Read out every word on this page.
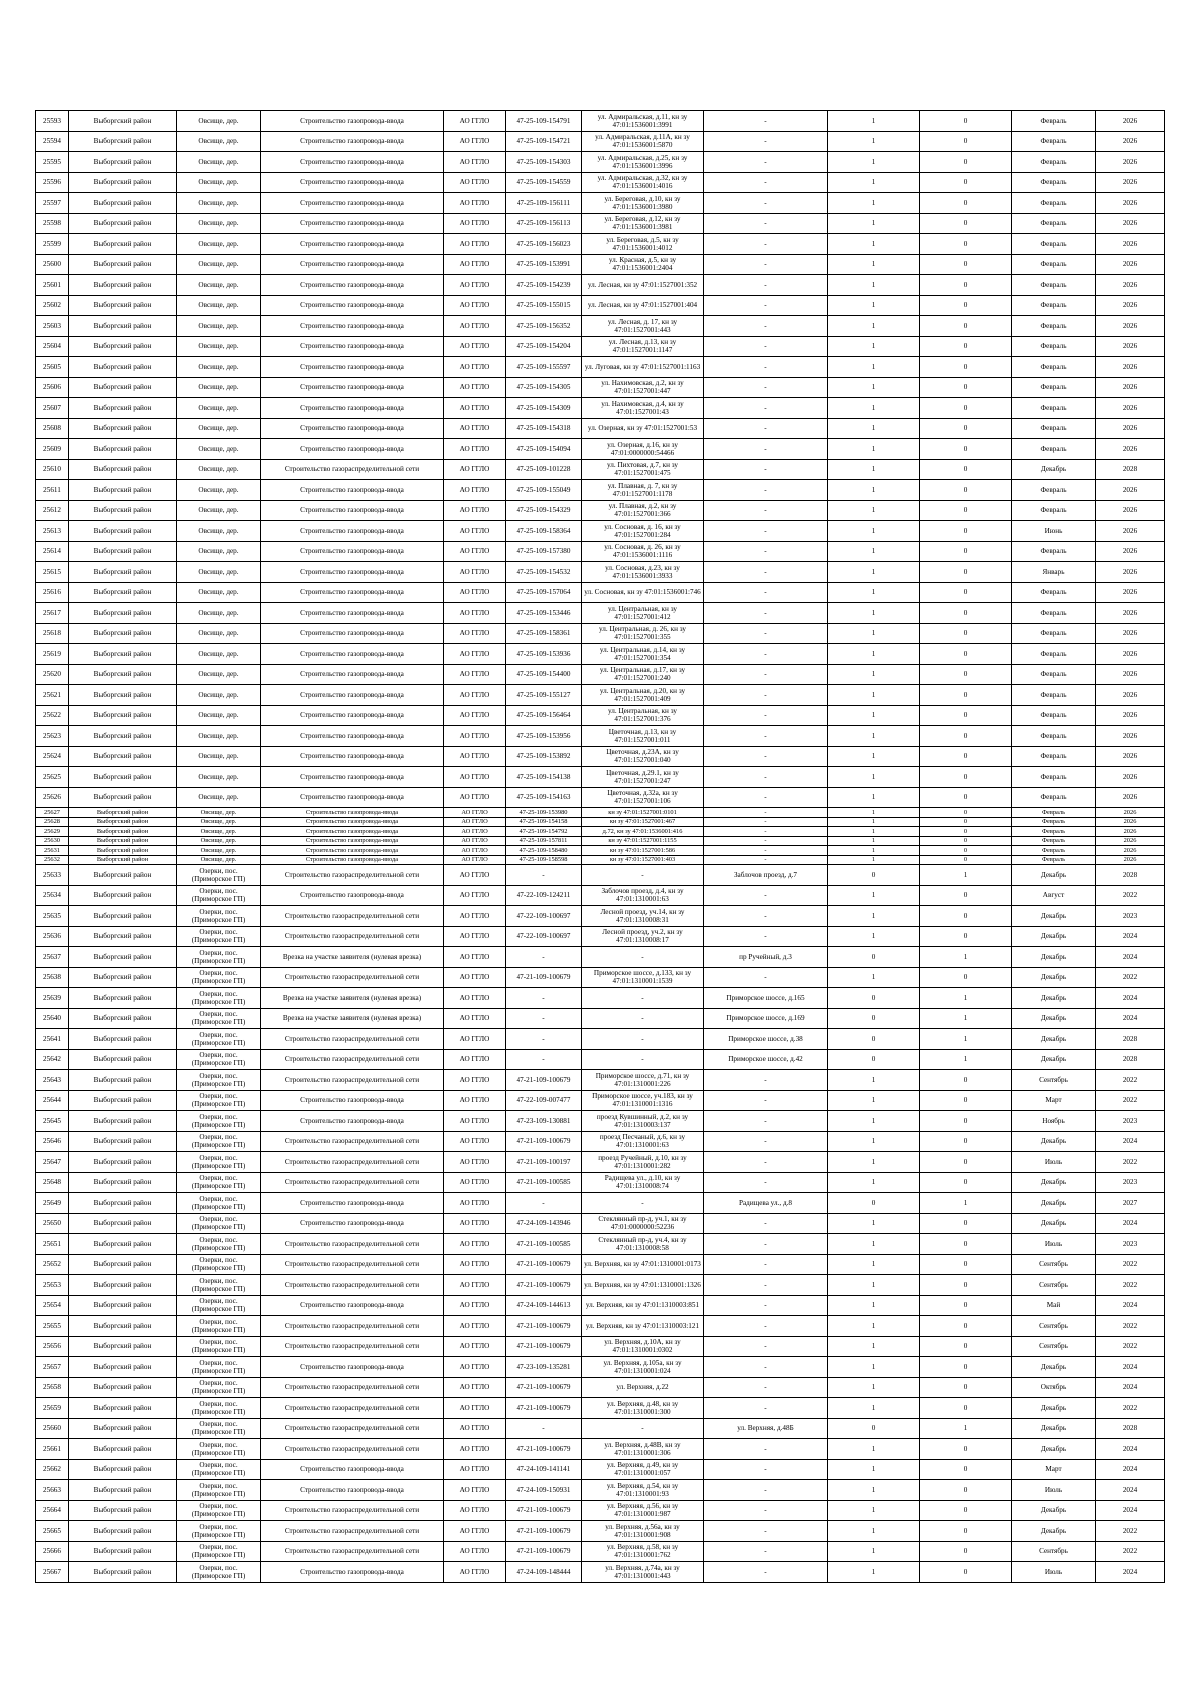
25593	Выборгский район	Овсище, дер.	Строительство газопровода-ввода	АО ГГЛО	47-25-109-154791	ул. Адмиральская, д.11, кн зу 47:01:1536001:3991	-	1	0	Февраль	2026
25594	Выборгский район	Овсище, дер.	Строительство газопровода-ввода	АО ГГЛО	47-25-109-154721	ул. Адмиральская, д.11А, кн зу 47:01:1536001:5870	-	1	0	Февраль	2026
25595	Выборгский район	Овсище, дер.	Строительство газопровода-ввода	АО ГГЛО	47-25-109-154303	ул. Адмиральская, д.25, кн зу 47:01:1536001:3996	-	1	0	Февраль	2026
25596	Выборгский район	Овсище, дер.	Строительство газопровода-ввода	АО ГГЛО	47-25-109-154559	ул. Адмиральская, д.32, кн зу 47:01:1536001:4016	-	1	0	Февраль	2026
25597	Выборгский район	Овсище, дер.	Строительство газопровода-ввода	АО ГГЛО	47-25-109-156111	ул. Береговая, д.10, кн зу 47:01:1536001:3980	-	1	0	Февраль	2026
25598	Выборгский район	Овсище, дер.	Строительство газопровода-ввода	АО ГГЛО	47-25-109-156113	ул. Береговая, д.12, кн зу 47:01:1536001:3981	-	1	0	Февраль	2026
25599	Выборгский район	Овсище, дер.	Строительство газопровода-ввода	АО ГГЛО	47-25-109-156023	ул. Береговая, д.5, кн зу 47:01:1536001:4012	-	1	0	Февраль	2026
25600	Выборгский район	Овсище, дер.	Строительство газопровода-ввода	АО ГГЛО	47-25-109-153991	ул. Красная, д.5, кн зу 47:01:1536001:2404	-	1	0	Февраль	2026
25601	Выборгский район	Овсище, дер.	Строительство газопровода-ввода	АО ГГЛО	47-25-109-154239	ул. Лесная, кн зу 47:01:1527001:352	-	1	0	Февраль	2026
25602	Выборгский район	Овсище, дер.	Строительство газопровода-ввода	АО ГГЛО	47-25-109-155015	ул. Лесная, кн зу 47:01:1527001:404	-	1	0	Февраль	2026
25603	Выборгский район	Овсище, дер.	Строительство газопровода-ввода	АО ГГЛО	47-25-109-156352	ул. Лесная, д. 17, кн зу 47:01:1527001:443	-	1	0	Февраль	2026
25604	Выборгский район	Овсище, дер.	Строительство газопровода-ввода	АО ГГЛО	47-25-109-154204	ул. Лесная, д.13, кн зу 47:01:1527001:1147	-	1	0	Февраль	2026
25605	Выборгский район	Овсище, дер.	Строительство газопровода-ввода	АО ГГЛО	47-25-109-155597	ул. Луговая, кн зу 47:01:1527001:1163	-	1	0	Февраль	2026
25606	Выборгский район	Овсище, дер.	Строительство газопровода-ввода	АО ГГЛО	47-25-109-154305	ул. Нахимовская, д.2, кн зу 47:01:1527001:447	-	1	0	Февраль	2026
25607	Выборгский район	Овсище, дер.	Строительство газопровода-ввода	АО ГГЛО	47-25-109-154309	ул. Нахимовская, д.4, кн зу 47:01:1527001:43	-	1	0	Февраль	2026
25608	Выборгский район	Овсище, дер.	Строительство газопровода-ввода	АО ГГЛО	47-25-109-154318	ул. Озерная, кн зу 47:01:1527001:53	-	1	0	Февраль	2026
25609	Выборгский район	Овсище, дер.	Строительство газопровода-ввода	АО ГГЛО	47-25-109-154094	ул. Озерная, д.16, кн зу 47:01:0000000:54466	-	1	0	Февраль	2026
25610	Выборгский район	Овсище, дер.	Строительство газораспределительной сети	АО ГГЛО	47-25-109-101228	ул. Пихтовая, д.7, кн зу 47:01:1527001:475	-	1	0	Декабрь	2028
25611	Выборгский район	Овсище, дер.	Строительство газопровода-ввода	АО ГГЛО	47-25-109-155049	ул. Плавная, д. 7, кн зу 47:01:1527001:1178	-	1	0	Февраль	2026
25612	Выборгский район	Овсище, дер.	Строительство газопровода-ввода	АО ГГЛО	47-25-109-154329	ул. Плавная, д.2, кн зу 47:01:1527001:366	-	1	0	Февраль	2026
25613	Выборгский район	Овсище, дер.	Строительство газопровода-ввода	АО ГГЛО	47-25-109-158364	ул. Сосновая, д. 16, кн зу 47:01:1527001:284	-	1	0	Июнь	2026
25614	Выборгский район	Овсище, дер.	Строительство газопровода-ввода	АО ГГЛО	47-25-109-157380	ул. Сосновая, д. 26, кн зу 47:01:1536001:1116	-	1	0	Февраль	2026
25615	Выборгский район	Овсище, дер.	Строительство газопровода-ввода	АО ГГЛО	47-25-109-154532	ул. Сосновая, д.23, кн зу 47:01:1536001:3933	-	1	0	Январь	2026
25616	Выборгский район	Овсище, дер.	Строительство газопровода-ввода	АО ГГЛО	47-25-109-157064	ул. Сосновая, кн зу 47:01:1536001:746	-	1	0	Февраль	2026
25617	Выборгский район	Овсище, дер.	Строительство газопровода-ввода	АО ГГЛО	47-25-109-153446	ул. Центральная, кн зу 47:01:1527001:412	-	1	0	Февраль	2026
25618	Выборгский район	Овсище, дер.	Строительство газопровода-ввода	АО ГГЛО	47-25-109-158361	ул. Центральная, д. 26, кн зу 47:01:1527001:355	-	1	0	Февраль	2026
25619	Выборгский район	Овсище, дер.	Строительство газопровода-ввода	АО ГГЛО	47-25-109-153936	ул. Центральная, д.14, кн зу 47:01:1527001:354	-	1	0	Февраль	2026
25620	Выборгский район	Овсище, дер.	Строительство газопровода-ввода	АО ГГЛО	47-25-109-154400	ул. Центральная, д.17, кн зу 47:01:1527001:240	-	1	0	Февраль	2026
25621	Выборгский район	Овсище, дер.	Строительство газопровода-ввода	АО ГГЛО	47-25-109-155127	ул. Центральная, д.20, кн зу 47:01:1527001:409	-	1	0	Февраль	2026
25622	Выборгский район	Овсище, дер.	Строительство газопровода-ввода	АО ГГЛО	47-25-109-156464	ул. Центральная, кн зу 47:01:1527001:376	-	1	0	Февраль	2026
25623	Выборгский район	Овсище, дер.	Строительство газопровода-ввода	АО ГГЛО	47-25-109-153956	Цветочная, д.13, кн зу 47:01:1527001:011	-	1	0	Февраль	2026
25624	Выборгский район	Овсище, дер.	Строительство газопровода-ввода	АО ГГЛО	47-25-109-153892	Цветочная, д.23А, кн зу 47:01:1527001:040	-	1	0	Февраль	2026
25625	Выборгский район	Овсище, дер.	Строительство газопровода-ввода	АО ГГЛО	47-25-109-154138	Цветочная, д.29.1, кн зу 47:01:1527001:247	-	1	0	Февраль	2026
25626	Выборгский район	Овсище, дер.	Строительство газопровода-ввода	АО ГГЛО	47-25-109-154163	Цветочная, д.32а, кн зу 47:01:1527001:106	-	1	0	Февраль	2026
25627	Выборгский район	Овсище, дер.	Строительство газопровода-ввода	АО ГГЛО	47-25-109-153980	кн зу 47:01:1527001:0101	-	1	0	Февраль	2026
25628	Выборгский район	Овсище, дер.	Строительство газопровода-ввода	АО ГГЛО	47-25-109-154158	кн зу 47:01:1527001:467	-	1	0	Февраль	2026
25629	Выборгский район	Овсище, дер.	Строительство газопровода-ввода	АО ГГЛО	47-25-109-154792	д.72, кн зу 47:01:1536001:416	-	1	0	Февраль	2026
25630	Выборгский район	Овсище, дер.	Строительство газопровода-ввода	АО ГГЛО	47-25-109-157811	кн зу 47:01:1527001:1155	-	1	0	Февраль	2026
25631	Выборгский район	Овсище, дер.	Строительство газопровода-ввода	АО ГГЛО	47-25-109-158480	кн зу 47:01:1527001:586	-	1	0	Февраль	2026
25632	Выборгский район	Овсище, дер.	Строительство газопровода-ввода	АО ГГЛО	47-25-109-158598	кн зу 47:01:1527001:403	-	1	0	Февраль	2026
25633	Выборгский район	Озерки, пос. (Приморское ГП)	Строительство газораспределительной сети	АО ГГЛО	-	-	Заблочов проезд, д.7	0	1	Декабрь	2028
25634	Выборгский район	Озерки, пос. (Приморское ГП)	Строительство газопровода-ввода	АО ГГЛО	47-22-109-124211	Заблочов проезд, д.4, кн зу 47:01:1310001:63	-	1	0	Август	2022
25635	Выборгский район	Озерки, пос. (Приморское ГП)	Строительство газораспределительной сети	АО ГГЛО	47-22-109-100697	Лесной проезд, уч.14, кн зу 47:01:1310008:31	-	1	0	Декабрь	2023
25636	Выборгский район	Озерки, пос. (Приморское ГП)	Строительство газораспределительной сети	АО ГГЛО	47-22-109-100697	Лесной проезд, уч.2, кн зу 47:01:1310008:17	-	1	0	Декабрь	2024
25637	Выборгский район	Озерки, пос. (Приморское ГП)	Врезка на участке заявителя (нулевая врезка)	АО ГГЛО	-	-	пр Ручейный, д.3	0	1	Декабрь	2024
25638	Выборгский район	Озерки, пос. (Приморское ГП)	Строительство газораспределительной сети	АО ГГЛО	47-21-109-100679	Приморское шоссе, д.133, кн зу 47:01:1310001:1539	-	1	0	Декабрь	2022
25639	Выборгский район	Озерки, пос. (Приморское ГП)	Врезка на участке заявителя (нулевая врезка)	АО ГГЛО	-	-	Приморское шоссе, д.165	0	1	Декабрь	2024
25640	Выборгский район	Озерки, пос. (Приморское ГП)	Врезка на участке заявителя (нулевая врезка)	АО ГГЛО	-	-	Приморское шоссе, д.169	0	1	Декабрь	2024
25641	Выборгский район	Озерки, пос. (Приморское ГП)	Строительство газораспределительной сети	АО ГГЛО	-	-	Приморское шоссе, д.38	0	1	Декабрь	2028
25642	Выборгский район	Озерки, пос. (Приморское ГП)	Строительство газораспределительной сети	АО ГГЛО	-	-	Приморское шоссе, д.42	0	1	Декабрь	2028
25643	Выборгский район	Озерки, пос. (Приморское ГП)	Строительство газораспределительной сети	АО ГГЛО	47-21-109-100679	Приморское шоссе, д.71, кн зу 47:01:1310001:226	-	1	0	Сентябрь	2022
25644	Выборгский район	Озерки, пос. (Приморское ГП)	Строительство газопровода-ввода	АО ГГЛО	47-22-109-007477	Приморское шоссе, уч.183, кн зу 47:01:1310001:1316	-	1	0	Март	2022
25645	Выборгский район	Озерки, пос. (Приморское ГП)	Строительство газопровода-ввода	АО ГГЛО	47-23-109-130881	проезд Кувшинный, д.2, кн зу 47:01:1310003:137	-	1	0	Ноябрь	2023
25646	Выборгский район	Озерки, пос. (Приморское ГП)	Строительство газораспределительной сети	АО ГГЛО	47-21-109-100679	проезд Песчаный, д.6, кн зу 47:01:1310001:63	-	1	0	Декабрь	2024
25647	Выборгский район	Озерки, пос. (Приморское ГП)	Строительство газораспределительной сети	АО ГГЛО	47-21-109-100197	проезд Ручейный, д.10, кн зу 47:01:1310001:282	-	1	0	Июль	2022
25648	Выборгский район	Озерки, пос. (Приморское ГП)	Строительство газораспределительной сети	АО ГГЛО	47-21-109-100585	Радищева ул., д.10, кн зу 47:01:1310008:74	-	1	0	Декабрь	2023
25649	Выборгский район	Озерки, пос. (Приморское ГП)	Строительство газопровода-ввода	АО ГГЛО	-	-	Радищева ул., д.8	0	1	Декабрь	2027
25650	Выборгский район	Озерки, пос. (Приморское ГП)	Строительство газопровода-ввода	АО ГГЛО	47-24-109-143946	Стеклянный пр-д, уч.1, кн зу 47:01:0000000:52236	-	1	0	Декабрь	2024
25651	Выборгский район	Озерки, пос. (Приморское ГП)	Строительство газораспределительной сети	АО ГГЛО	47-21-109-100585	Стеклянный пр-д, уч.4, кн зу 47:01:1310008:58	-	1	0	Июль	2023
25652	Выборгский район	Озерки, пос. (Приморское ГП)	Строительство газораспределительной сети	АО ГГЛО	47-21-109-100679	ул. Верхняя, кн зу 47:01:1310001:0173	-	1	0	Сентябрь	2022
25653	Выборгский район	Озерки, пос. (Приморское ГП)	Строительство газораспределительной сети	АО ГГЛО	47-21-109-100679	ул. Верхняя, кн зу 47:01:1310001:1326	-	1	0	Сентябрь	2022
25654	Выборгский район	Озерки, пос. (Приморское ГП)	Строительство газопровода-ввода	АО ГГЛО	47-24-109-144613	ул. Верхняя, кн зу 47:01:1310003:851	-	1	0	Май	2024
25655	Выборгский район	Озерки, пос. (Приморское ГП)	Строительство газораспределительной сети	АО ГГЛО	47-21-109-100679	ул. Верхняя, кн зу 47:01:1310003:121	-	1	0	Сентябрь	2022
25656	Выборгский район	Озерки, пос. (Приморское ГП)	Строительство газораспределительной сети	АО ГГЛО	47-21-109-100679	ул. Верхняя, д.10А, кн зу 47:01:1310001:0302	-	1	0	Сентябрь	2022
25657	Выборгский район	Озерки, пос. (Приморское ГП)	Строительство газопровода-ввода	АО ГГЛО	47-23-109-135281	ул. Верхняя, д.105а, кн зу 47:01:1310001:024	-	1	0	Декабрь	2024
25658	Выборгский район	Озерки, пос. (Приморское ГП)	Строительство газораспределительной сети	АО ГГЛО	47-21-109-100679	ул. Верхняя, д.22	-	1	0	Октябрь	2024
25659	Выборгский район	Озерки, пос. (Приморское ГП)	Строительство газораспределительной сети	АО ГГЛО	47-21-109-100679	ул. Верхняя, д.48, кн зу 47:01:1310001:300	-	1	0	Декабрь	2022
25660	Выборгский район	Озерки, пос. (Приморское ГП)	Строительство газораспределительной сети	АО ГГЛО	-	-	ул. Верхняя, д.48Б	0	1	Декабрь	2028
25661	Выборгский район	Озерки, пос. (Приморское ГП)	Строительство газораспределительной сети	АО ГГЛО	47-21-109-100679	ул. Верхняя, д.48В, кн зу 47:01:1310001:306	-	1	0	Декабрь	2024
25662	Выборгский район	Озерки, пос. (Приморское ГП)	Строительство газопровода-ввода	АО ГГЛО	47-24-109-141141	ул. Верхняя, д.49, кн зу 47:01:1310001:057	-	1	0	Март	2024
25663	Выборгский район	Озерки, пос. (Приморское ГП)	Строительство газопровода-ввода	АО ГГЛО	47-24-109-150931	ул. Верхняя, д.54, кн зу 47:01:1310001:93	-	1	0	Июль	2024
25664	Выборгский район	Озерки, пос. (Приморское ГП)	Строительство газораспределительной сети	АО ГГЛО	47-21-109-100679	ул. Верхняя, д.56, кн зу 47:01:1310001:987	-	1	0	Декабрь	2024
25665	Выборгский район	Озерки, пос. (Приморское ГП)	Строительство газораспределительной сети	АО ГГЛО	47-21-109-100679	ул. Верхняя, д.56а, кн зу 47:01:1310001:908	-	1	0	Декабрь	2022
25666	Выборгский район	Озерки, пос. (Приморское ГП)	Строительство газораспределительной сети	АО ГГЛО	47-21-109-100679	ул. Верхняя, д.58, кн зу 47:01:1310001:762	-	1	0	Сентябрь	2022
25667	Выборгский район	Озерки, пос. (Приморское ГП)	Строительство газопровода-ввода	АО ГГЛО	47-24-109-148444	ул. Верхняя, д.74а, кн зу 47:01:1310001:443	-	1	0	Июль	2024
